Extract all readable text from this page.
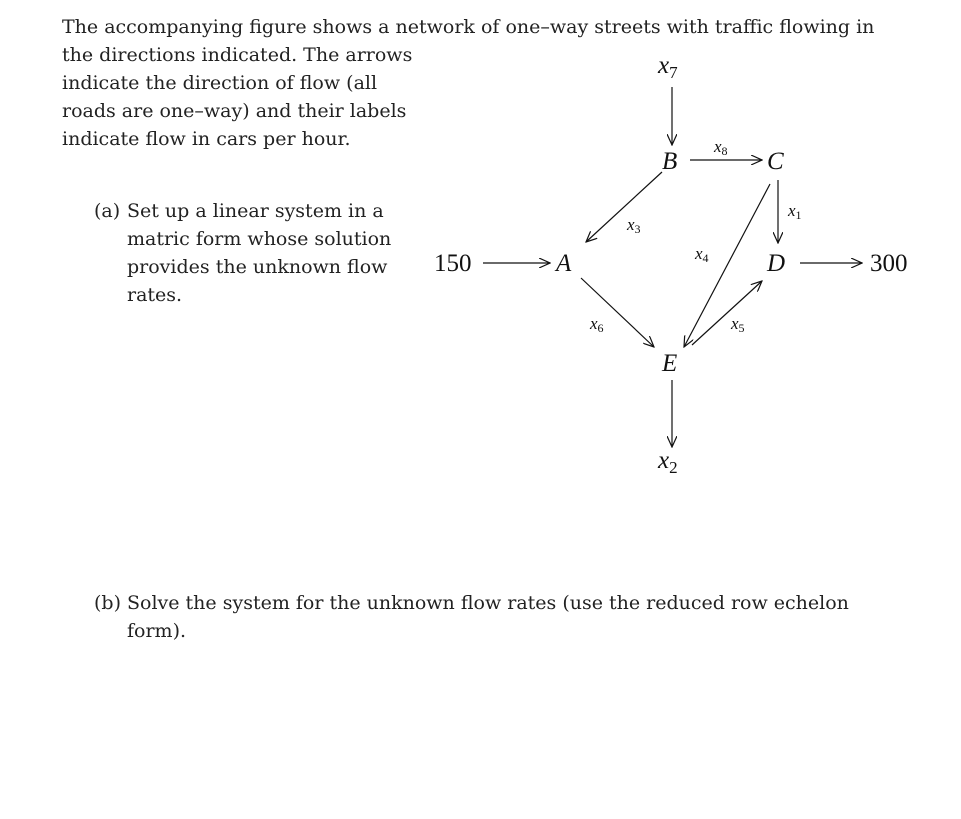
The accompanying figure shows a network of one–way streets with traffic flowing in
the directions indicated. The arrows
indicate the direction of flow (all
roads are one–way) and their labels
indicate flow in cars per hour.
(a) Set up a linear system in a
matric form whose solution
provides the unknown flow
rates.
(b) Solve the system for the unknown flow rates (use the reduced row echelon
form).
A
B	C
D
E
150	300
$x_7$
x8
x1
x3
x4
x6	x5
$x_2$
